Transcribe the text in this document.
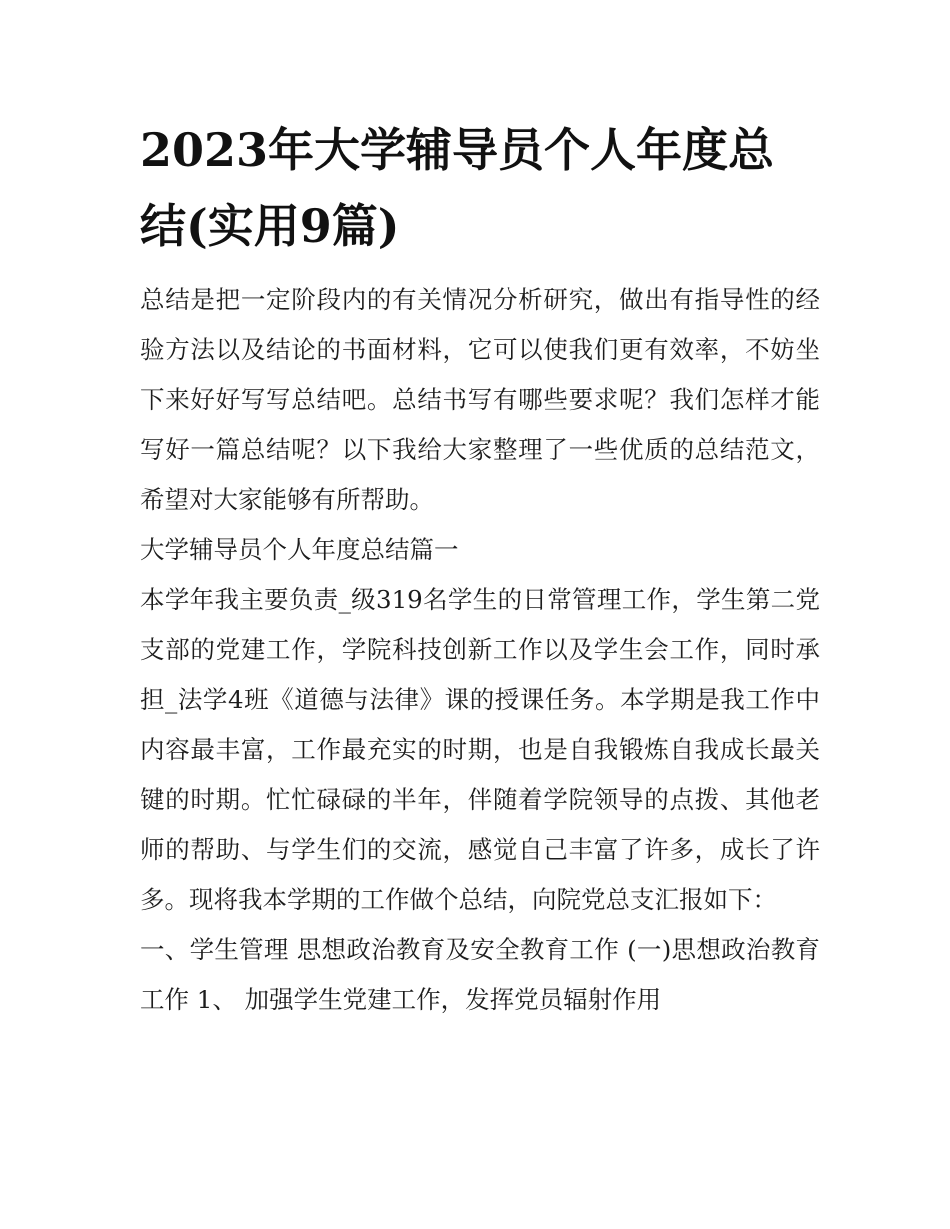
2023年大学辅导员个人年度总结(实用9篇)

总结是把一定阶段内的有关情况分析研究，做出有指导性的经验方法以及结论的书面材料，它可以使我们更有效率，不妨坐下来好好写写总结吧。总结书写有哪些要求呢？我们怎样才能写好一篇总结呢？以下我给大家整理了一些优质的总结范文，希望对大家能够有所帮助。

大学辅导员个人年度总结篇一

本学年我主要负责_级319名学生的日常管理工作，学生第二党支部的党建工作，学院科技创新工作以及学生会工作，同时承担_法学4班《道德与法律》课的授课任务。本学期是我工作中内容最丰富，工作最充实的时期，也是自我锻炼自我成长最关键的时期。忙忙碌碌的半年，伴随着学院领导的点拨、其他老师的帮助、与学生们的交流，感觉自己丰富了许多，成长了许多。现将我本学期的工作做个总结，向院党总支汇报如下：

一、学生管理 思想政治教育及安全教育工作 (一)思想政治教育工作 1、 加强学生党建工作，发挥党员辐射作用
